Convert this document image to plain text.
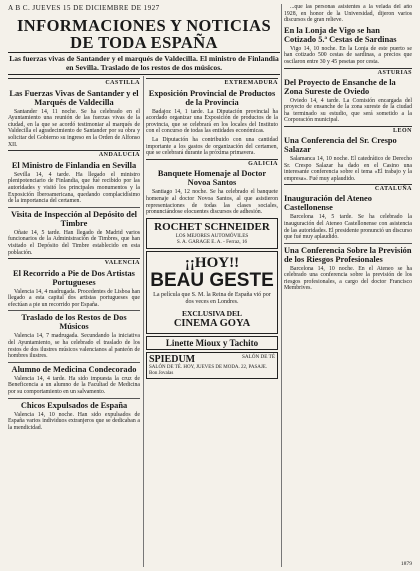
A B C. JUEVES 15 DE DICIEMBRE DE 1927
INFORMACIONES Y NOTICIAS DE TODA ESPAÑA
Las fuerzas vivas de Santander y el marqués de Valdecilla. El ministro de Finlandia en Sevilla. Traslado de los restos de dos músicos.
CASTILLA
Las Fuerzas Vivas de Santander y el Marqués de Valdecilla
Santander 14, 11 noche. Se ha celebrado en el Ayuntamiento una reunión de las fuerzas vivas de la ciudad, en la que se acordó testimoniar al marqués de Valdecilla el agradecimiento de Santander por su obra y solicitar del Gobierno su ingreso en la Orden de Alfonso XII.
ANDALUCIA
El Ministro de Finlandia en Sevilla
Sevilla 14, 4 tarde. Ha llegado el ministro plenipotenciario de Finlandia, que fué recibido por las autoridades y visitó los principales monumentos y la Exposición Iberoamericana, quedando complacidísimo de la importancia del certamen.
Visita de Inspección al Depósito del Timbre
Oñate 14, 5 tarde. Han llegado de Madrid varios funcionarios de la Administración de Timbres, que han visitado el Depósito del Timbre establecido en esta población.
VALENCIA
El Recorrido a Pie de Dos Artistas Portugueses
Valencia 14, 4 madrugada. Procedentes de Lisboa han llegado a esta capital dos artistas portugueses que efectúan a pie un recorrido por España.
Traslado de los Restos de Dos Músicos
Valencia 14, 7 madrugada. Secundando la iniciativa del Ayuntamiento, se ha celebrado el traslado de los restos de dos ilustres músicos valencianos al panteón de hombres ilustres.
Alumno de Medicina Condecorado
Valencia 14, 4 tarde. Ha sido impuesta la cruz de Beneficencia a un alumno de la Facultad de Medicina por su comportamiento en un salvamento.
Chicos Expulsados de España
Valencia 14, 10 noche. Han sido expulsados de España varios individuos extranjeros que se dedicaban a la mendicidad.
EXTREMADURA
Exposición Provincial de Productos de la Provincia
Badajoz 14, 1 tarde. La Diputación provincial ha acordado organizar una Exposición de productos de la provincia, que se celebrará en los locales del Instituto con el concurso de todas las entidades económicas.
La Diputación ha contribuido con una cantidad importante a los gastos de organización del certamen, que se celebrará durante la próxima primavera.
GALICIA
Banquete Homenaje al Doctor Novoa Santos
Santiago 14, 12 noche. Se ha celebrado el banquete homenaje al doctor Novoa Santos, al que asistieron representaciones de todas las clases sociales, pronunciándose elocuentes discursos de adhesión.
ROCHET SCHNEIDER
LOS MEJORES AUTOMÓVILES
S. A. GARAGE E. A. - Ferraz, 16
¡¡HOY!!
BEAU GESTE
La película que S. M. la Reina de España vió por dos veces en Londres.
EXCLUSIVA DEL
CINEMA GOYA
Linette Mioux y Tachito
SPIEDUM	SALÓN DE TÉ
SALÓN DE TÉ. HOY, JUEVES DE MODA. 22, PASAJE. Bon Jovalas
...que las personas asistentes a la velada del año 1928, en honor de la Universidad, dijeron varios discursos de gran relieve.
En la Lonja de Vigo se han Cotizado 5.ª Cestas de Sardinas
Vigo 14, 10 noche. En la Lonja de este puerto se han cotizado 500 cestas de sardinas, a precios que oscilaron entre 30 y 45 pesetas por cesta.
ASTURIAS
Del Proyecto de Ensanche de la Zona Sureste de Oviedo
Oviedo 14, 4 tarde. La Comisión encargada del proyecto de ensanche de la zona sureste de la ciudad ha terminado su estudio, que será sometido a la Corporación municipal.
LEON
Una Conferencia del Sr. Crespo Salazar
Salamanca 14, 10 noche. El catedrático de Derecho Sr. Crespo Salazar ha dado en el Casino una interesante conferencia sobre el tema «El trabajo y la empresa». Fué muy aplaudido.
CATALUÑA
Inauguración del Ateneo Castellonense
Barcelona 14, 5 tarde. Se ha celebrado la inauguración del Ateneo Castellonense con asistencia de las autoridades. El presidente pronunció un discurso que fué muy aplaudido.
Una Conferencia Sobre la Previsión de los Riesgos Profesionales
Barcelona 14, 10 noche. En el Ateneo se ha celebrado una conferencia sobre la previsión de los riesgos profesionales, a cargo del doctor Francisco Membrives.
1879
